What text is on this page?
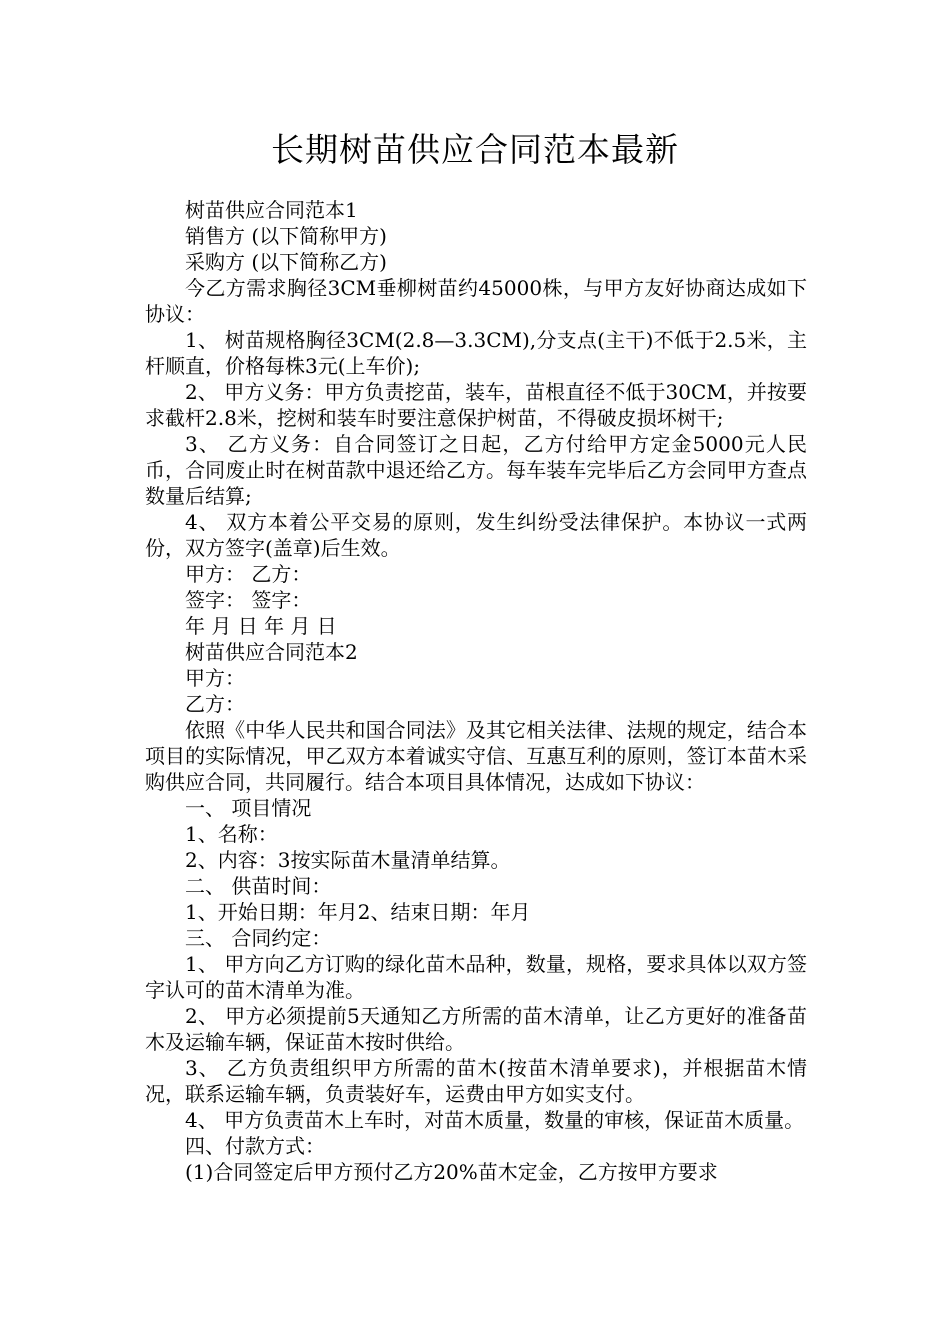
长期树苗供应合同范本最新

树苗供应合同范本1

销售方 (以下简称甲方)

采购方 (以下简称乙方)

今乙方需求胸径3CM垂柳树苗约45000株，与甲方友好协商达成如下协议：

1、 树苗规格胸径3CM(2.8—3.3CM),分支点(主干)不低于2.5米，主杆顺直，价格每株3元(上车价);

2、 甲方义务：甲方负责挖苗，装车，苗根直径不低于30CM，并按要求截杆2.8米，挖树和装车时要注意保护树苗，不得破皮损坏树干;

3、 乙方义务：自合同签订之日起，乙方付给甲方定金5000元人民币，合同废止时在树苗款中退还给乙方。每车装车完毕后乙方会同甲方查点数量后结算;

4、 双方本着公平交易的原则，发生纠纷受法律保护。本协议一式两份，双方签字(盖章)后生效。

甲方： 乙方：

签字： 签字：

年 月 日 年 月 日

树苗供应合同范本2

甲方：

乙方：

依照《中华人民共和国合同法》及其它相关法律、法规的规定，结合本项目的实际情况，甲乙双方本着诚实守信、互惠互利的原则，签订本苗木采购供应合同，共同履行。结合本项目具体情况，达成如下协议：

一、 项目情况

1、名称：

2、内容：3按实际苗木量清单结算。

二、 供苗时间：

1、开始日期：年月2、结束日期：年月

三、 合同约定：

1、 甲方向乙方订购的绿化苗木品种，数量，规格，要求具体以双方签字认可的苗木清单为准。

2、 甲方必须提前5天通知乙方所需的苗木清单，让乙方更好的准备苗木及运输车辆，保证苗木按时供给。

3、 乙方负责组织甲方所需的苗木(按苗木清单要求)，并根据苗木情况，联系运输车辆，负责装好车，运费由甲方如实支付。

4、 甲方负责苗木上车时，对苗木质量，数量的审核，保证苗木质量。

四、付款方式：

(1)合同签定后甲方预付乙方20%苗木定金，乙方按甲方要求
